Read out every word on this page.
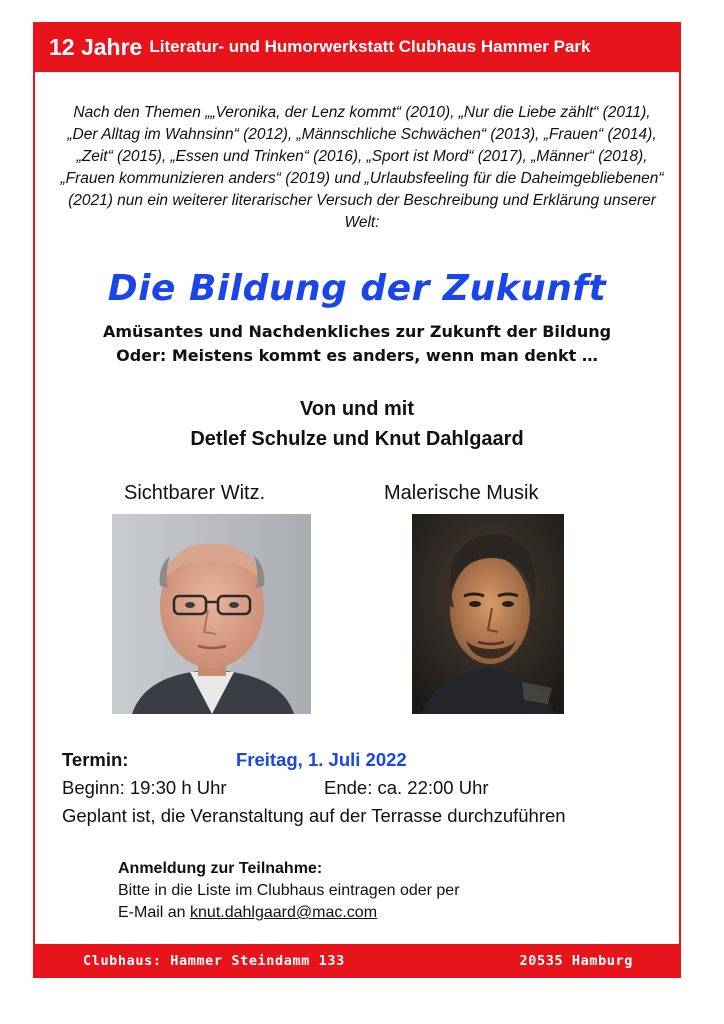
12 Jahre Literatur- und Humorwerkstatt Clubhaus Hammer Park
Nach den Themen „„Veronika, der Lenz kommt“ (2010), „Nur die Liebe zählt“ (2011), „Der Alltag im Wahnsinn“ (2012), „Männschliche Schwächen“ (2013), „Frauen“ (2014), „Zeit“ (2015), „Essen und Trinken“ (2016), „Sport ist Mord“ (2017), „Männer“ (2018), „Frauen kommunizieren anders“ (2019) und „Urlaubsfeeling für die Daheimgebliebenen“ (2021) nun ein weiterer literarischer Versuch der Beschreibung und Erklärung unserer Welt:
Die Bildung der Zukunft
Amüsantes und Nachdenkliches zur Zukunft der Bildung
Oder: Meistens kommt es anders, wenn man denkt …
Von und mit
Detlef Schulze und Knut Dahlgaard
Sichtbarer Witz.	Malerische Musik
Termin:	Freitag, 1. Juli 2022
Beginn: 19:30 h Uhr	Ende: ca. 22:00 Uhr
Geplant ist, die Veranstaltung auf der Terrasse durchzuführen
Anmeldung zur Teilnahme:
Bitte in die Liste im Clubhaus eintragen oder per
E-Mail an knut.dahlgaard@mac.com
Clubhaus: Hammer Steindamm 133	20535 Hamburg
